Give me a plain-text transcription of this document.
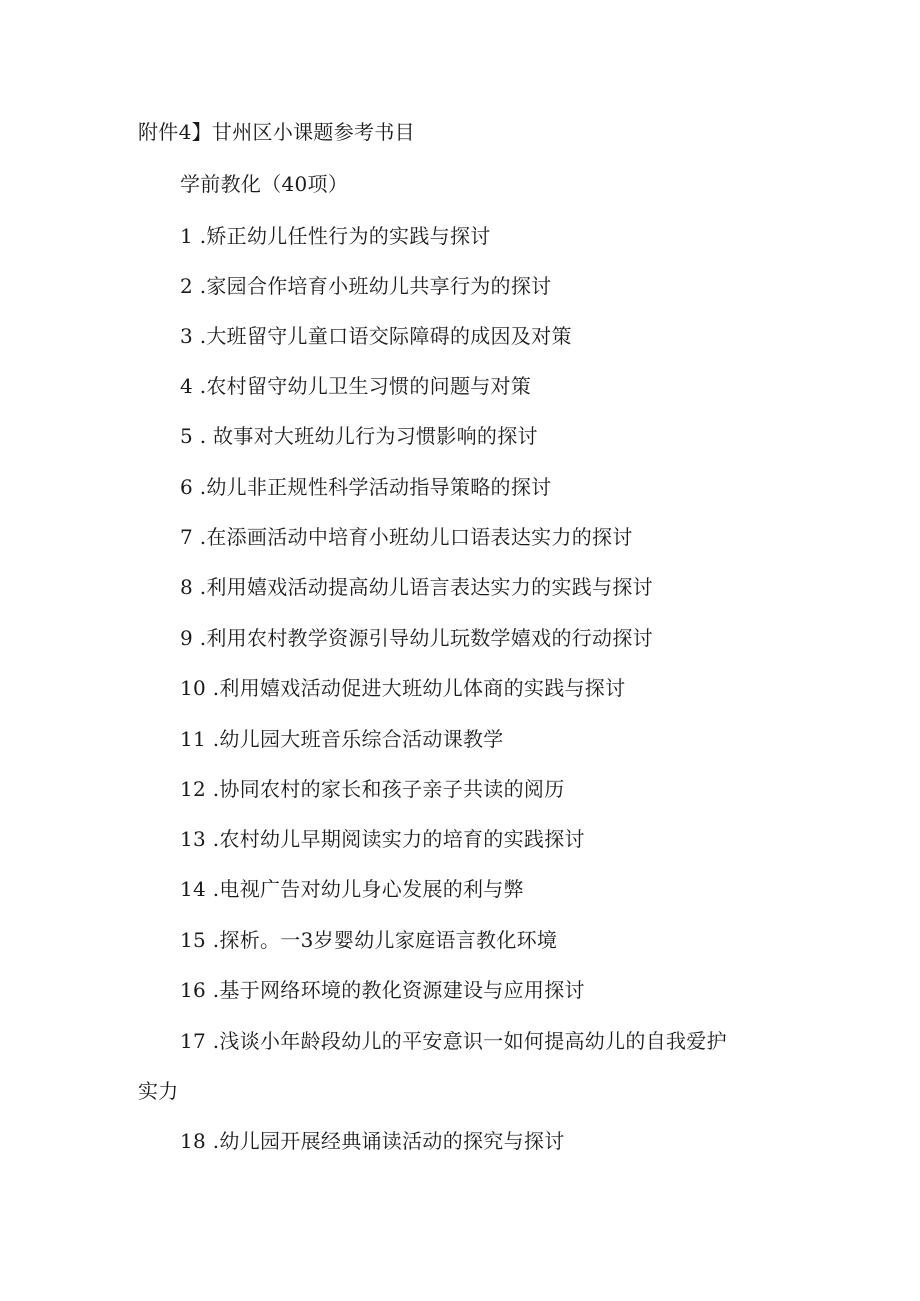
附件4】甘州区小课题参考书目
学前教化（40项）
1 .矫正幼儿任性行为的实践与探讨
2 .家园合作培育小班幼儿共享行为的探讨
3 .大班留守儿童口语交际障碍的成因及对策
4 .农村留守幼儿卫生习惯的问题与对策
5 . 故事对大班幼儿行为习惯影响的探讨
6 .幼儿非正规性科学活动指导策略的探讨
7 .在添画活动中培育小班幼儿口语表达实力的探讨
8 .利用嬉戏活动提高幼儿语言表达实力的实践与探讨
9 .利用农村教学资源引导幼儿玩数学嬉戏的行动探讨
10 .利用嬉戏活动促进大班幼儿体商的实践与探讨
11 .幼儿园大班音乐综合活动课教学
12 .协同农村的家长和孩子亲子共读的阅历
13 .农村幼儿早期阅读实力的培育的实践探讨
14 .电视广告对幼儿身心发展的利与弊
15 .探析。一3岁婴幼儿家庭语言教化环境
16 .基于网络环境的教化资源建设与应用探讨
17 .浅谈小年龄段幼儿的平安意识一如何提高幼儿的自我爱护
实力
18 .幼儿园开展经典诵读活动的探究与探讨
